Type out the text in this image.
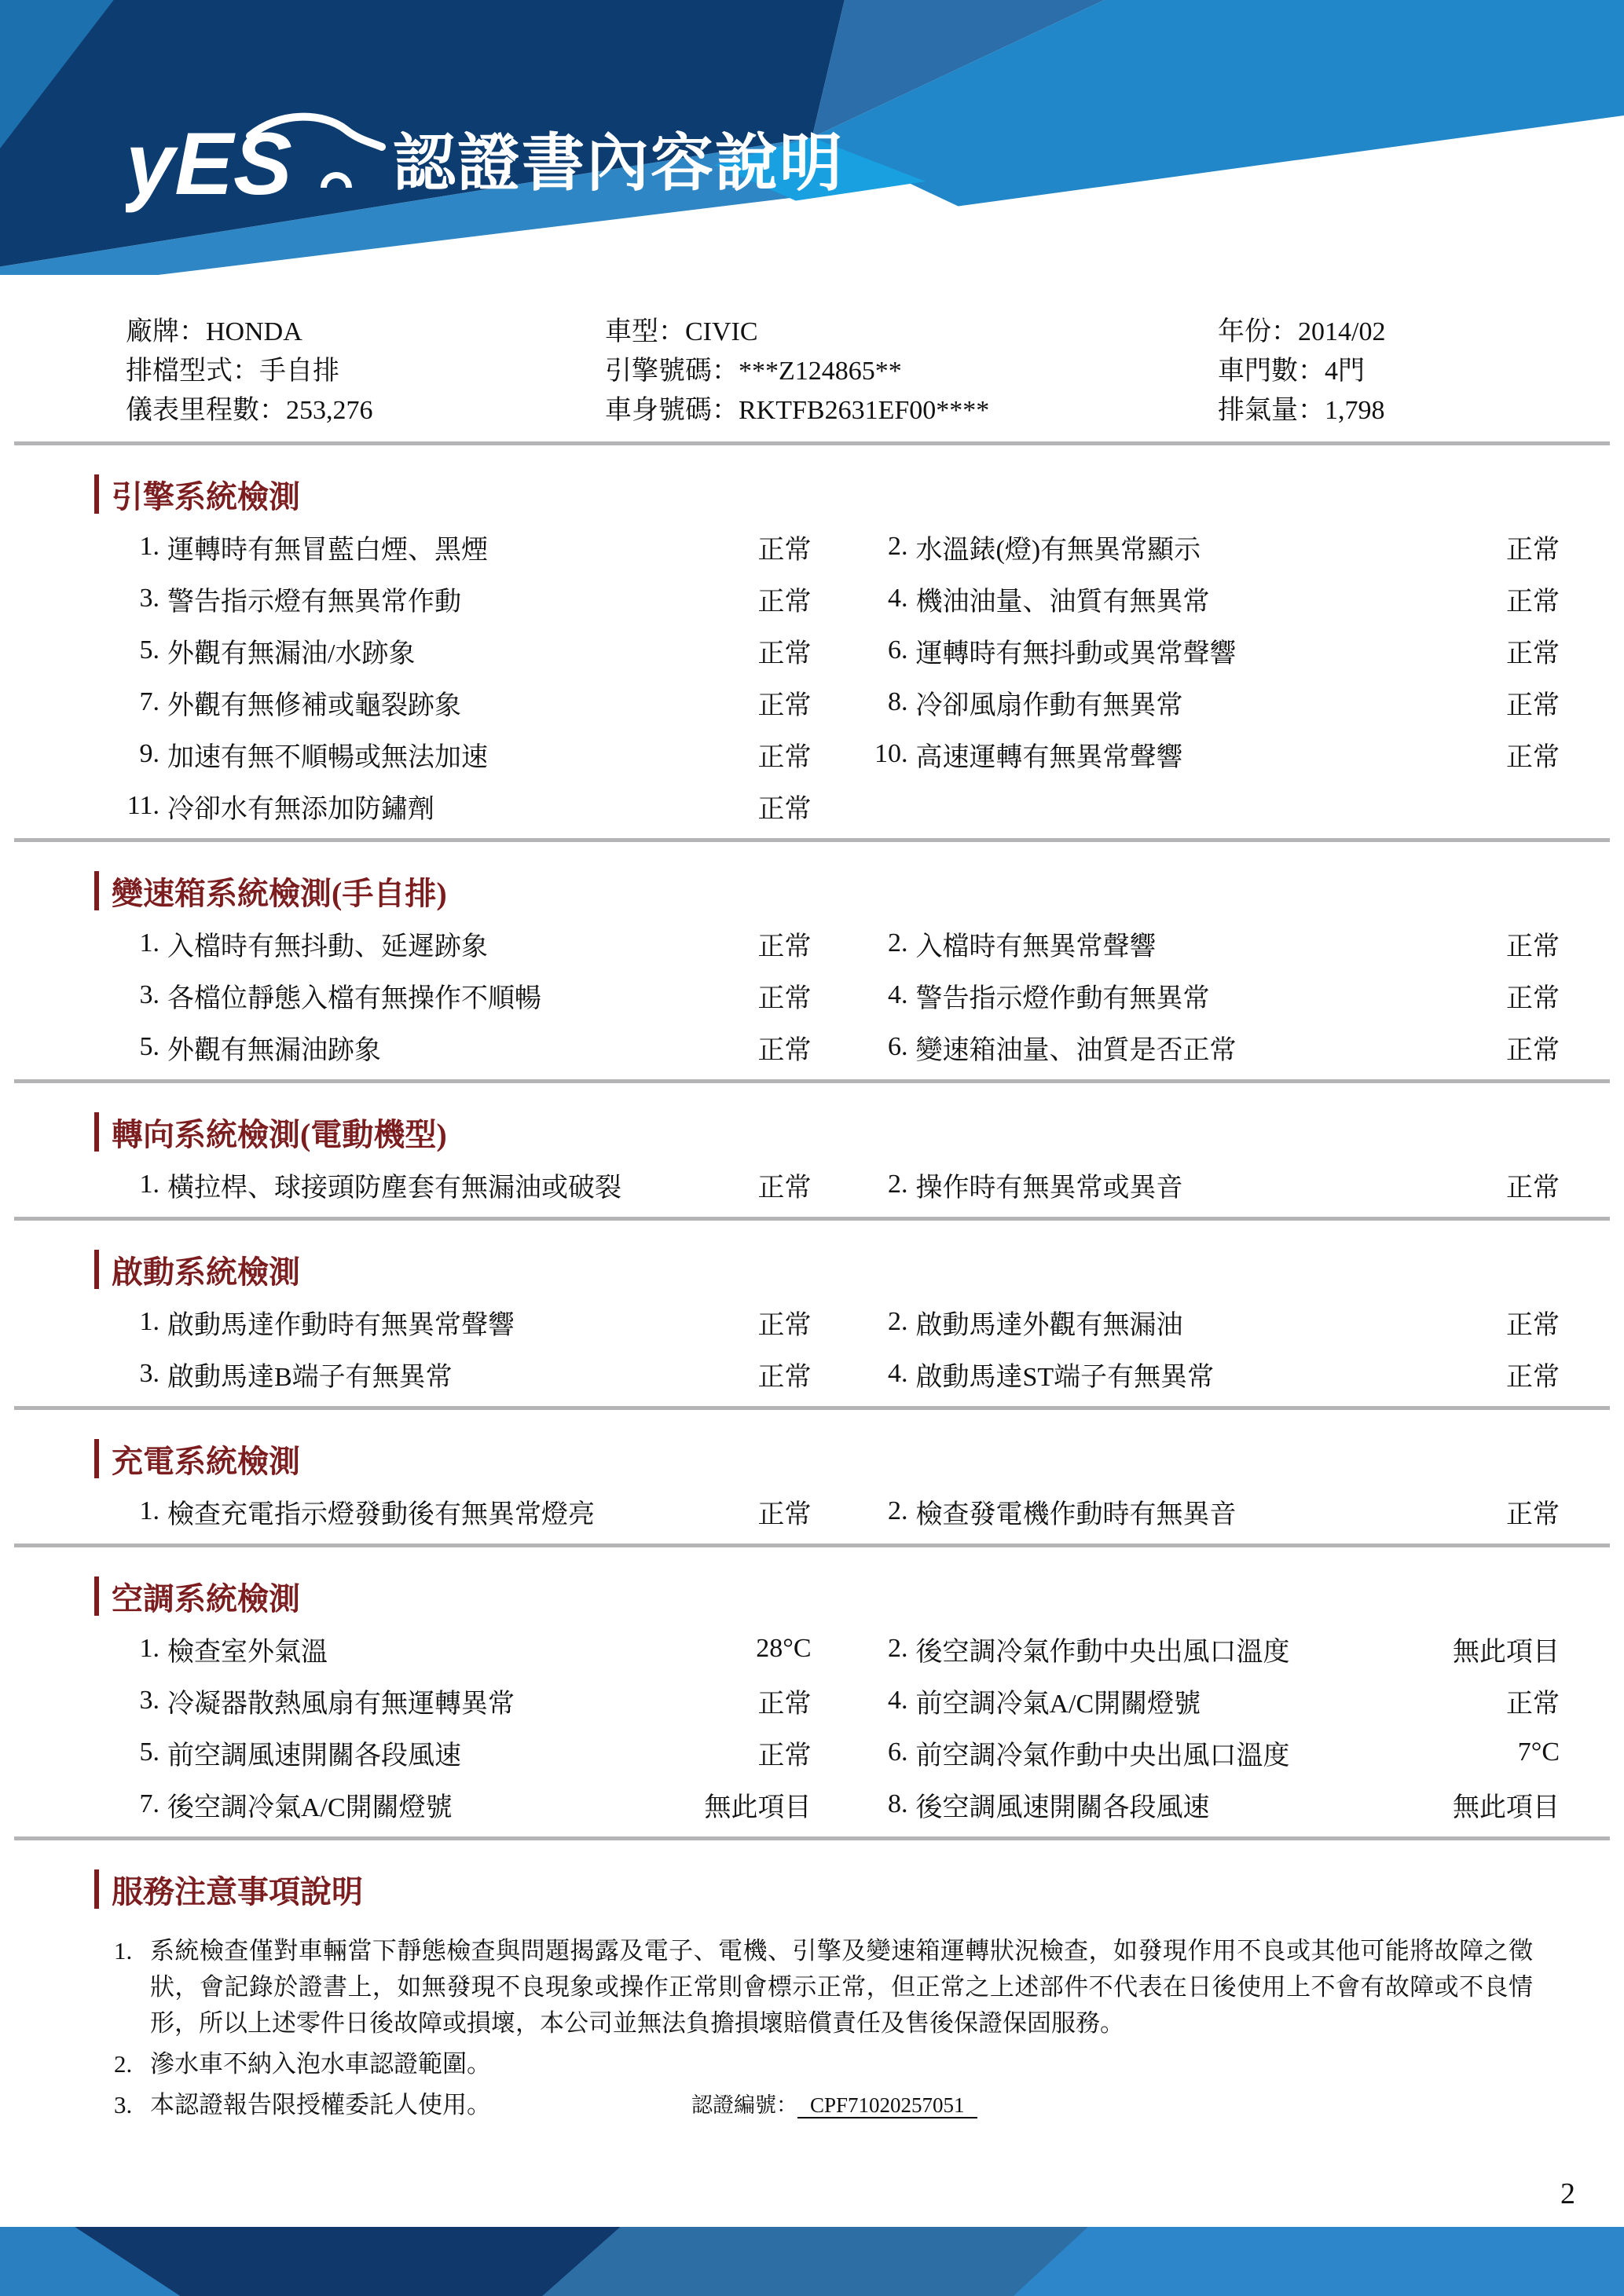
yES 認證書內容說明
廠牌：HONDA	車型：CIVIC	年份：2014/02
排檔型式：手自排	引擎號碼：***Z124865**	車門數：4門
儀表里程數：253,276	車身號碼：RKTFB2631EF00****	排氣量：1,798
引擎系統檢測
1. 運轉時有無冒藍白煙、黑煙	正常	2. 水溫錶(燈)有無異常顯示	正常
3. 警告指示燈有無異常作動	正常	4. 機油油量、油質有無異常	正常
5. 外觀有無漏油/水跡象	正常	6. 運轉時有無抖動或異常聲響	正常
7. 外觀有無修補或龜裂跡象	正常	8. 冷卻風扇作動有無異常	正常
9. 加速有無不順暢或無法加速	正常	10. 高速運轉有無異常聲響	正常
11. 冷卻水有無添加防鏽劑	正常
變速箱系統檢測(手自排)
1. 入檔時有無抖動、延遲跡象	正常	2. 入檔時有無異常聲響	正常
3. 各檔位靜態入檔有無操作不順暢	正常	4. 警告指示燈作動有無異常	正常
5. 外觀有無漏油跡象	正常	6. 變速箱油量、油質是否正常	正常
轉向系統檢測(電動機型)
1. 橫拉桿、球接頭防塵套有無漏油或破裂	正常	2. 操作時有無異常或異音	正常
啟動系統檢測
1. 啟動馬達作動時有無異常聲響	正常	2. 啟動馬達外觀有無漏油	正常
3. 啟動馬達B端子有無異常	正常	4. 啟動馬達ST端子有無異常	正常
充電系統檢測
1. 檢查充電指示燈發動後有無異常燈亮	正常	2. 檢查發電機作動時有無異音	正常
空調系統檢測
1. 檢查室外氣溫	28°C	2. 後空調冷氣作動中央出風口溫度	無此項目
3. 冷凝器散熱風扇有無運轉異常	正常	4. 前空調冷氣A/C開關燈號	正常
5. 前空調風速開關各段風速	正常	6. 前空調冷氣作動中央出風口溫度	7°C
7. 後空調冷氣A/C開關燈號	無此項目	8. 後空調風速開關各段風速	無此項目
服務注意事項說明
1. 系統檢查僅對車輛當下靜態檢查與問題揭露及電子、電機、引擎及變速箱運轉狀況檢查，如發現作用不良或其他可能將故障之徵狀，會記錄於證書上，如無發現不良現象或操作正常則會標示正常，但正常之上述部件不代表在日後使用上不會有故障或不良情形，所以上述零件日後故障或損壞，本公司並無法負擔損壞賠償責任及售後保證保固服務。
2. 滲水車不納入泡水車認證範圍。
3. 本認證報告限授權委託人使用。	認證編號： CPF71020257051
2
